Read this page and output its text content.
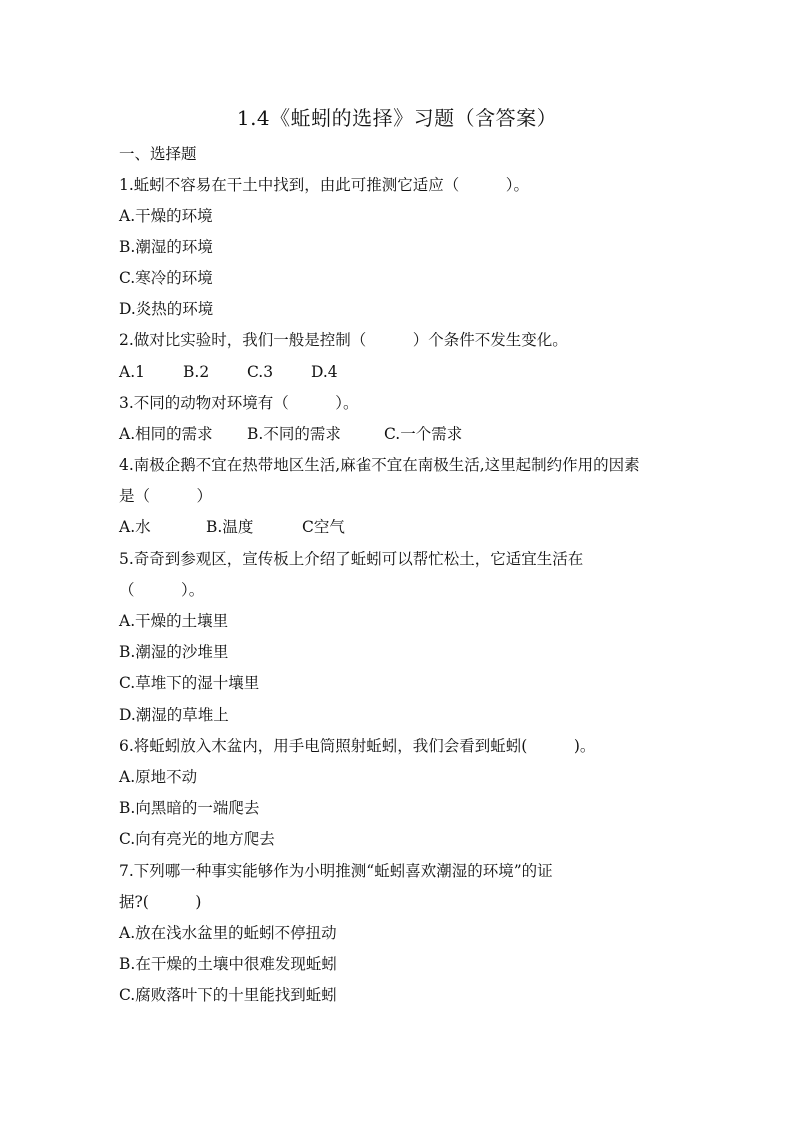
1.4《蚯蚓的选择》习题（含答案）
一、选择题
1.蚯蚓不容易在干土中找到，由此可推测它适应（　　　）。
A.干燥的环境
B.潮湿的环境
C.寒冷的环境
D.炎热的环境
2.做对比实验时，我们一般是控制（　　　）个条件不发生变化。
A.1 B.2 C.3 D.4
3.不同的动物对环境有（　　　）。
A.相同的需求 B.不同的需求	C.一个需求
4.南极企鹅不宜在热带地区生活,麻雀不宜在南极生活,这里起制约作用的因素
是（　　　）
A.水	B.温度	C空气
5.奇奇到参观区，宣传板上介绍了蚯蚓可以帮忙松土，它适宜生活在
（　　　）。
A.干燥的土壤里
B.潮湿的沙堆里
C.草堆下的湿十壤里
D.潮湿的草堆上
6.将蚯蚓放入木盆内，用手电筒照射蚯蚓，我们会看到蚯蚓(　　　)。
A.原地不动
B.向黑暗的一端爬去
C.向有亮光的地方爬去
7.下列哪一种事实能够作为小明推测“蚯蚓喜欢潮湿的环境”的证
据?(　　　)
A.放在浅水盆里的蚯蚓不停扭动
B.在干燥的土壤中很难发现蚯蚓
C.腐败落叶下的十里能找到蚯蚓
